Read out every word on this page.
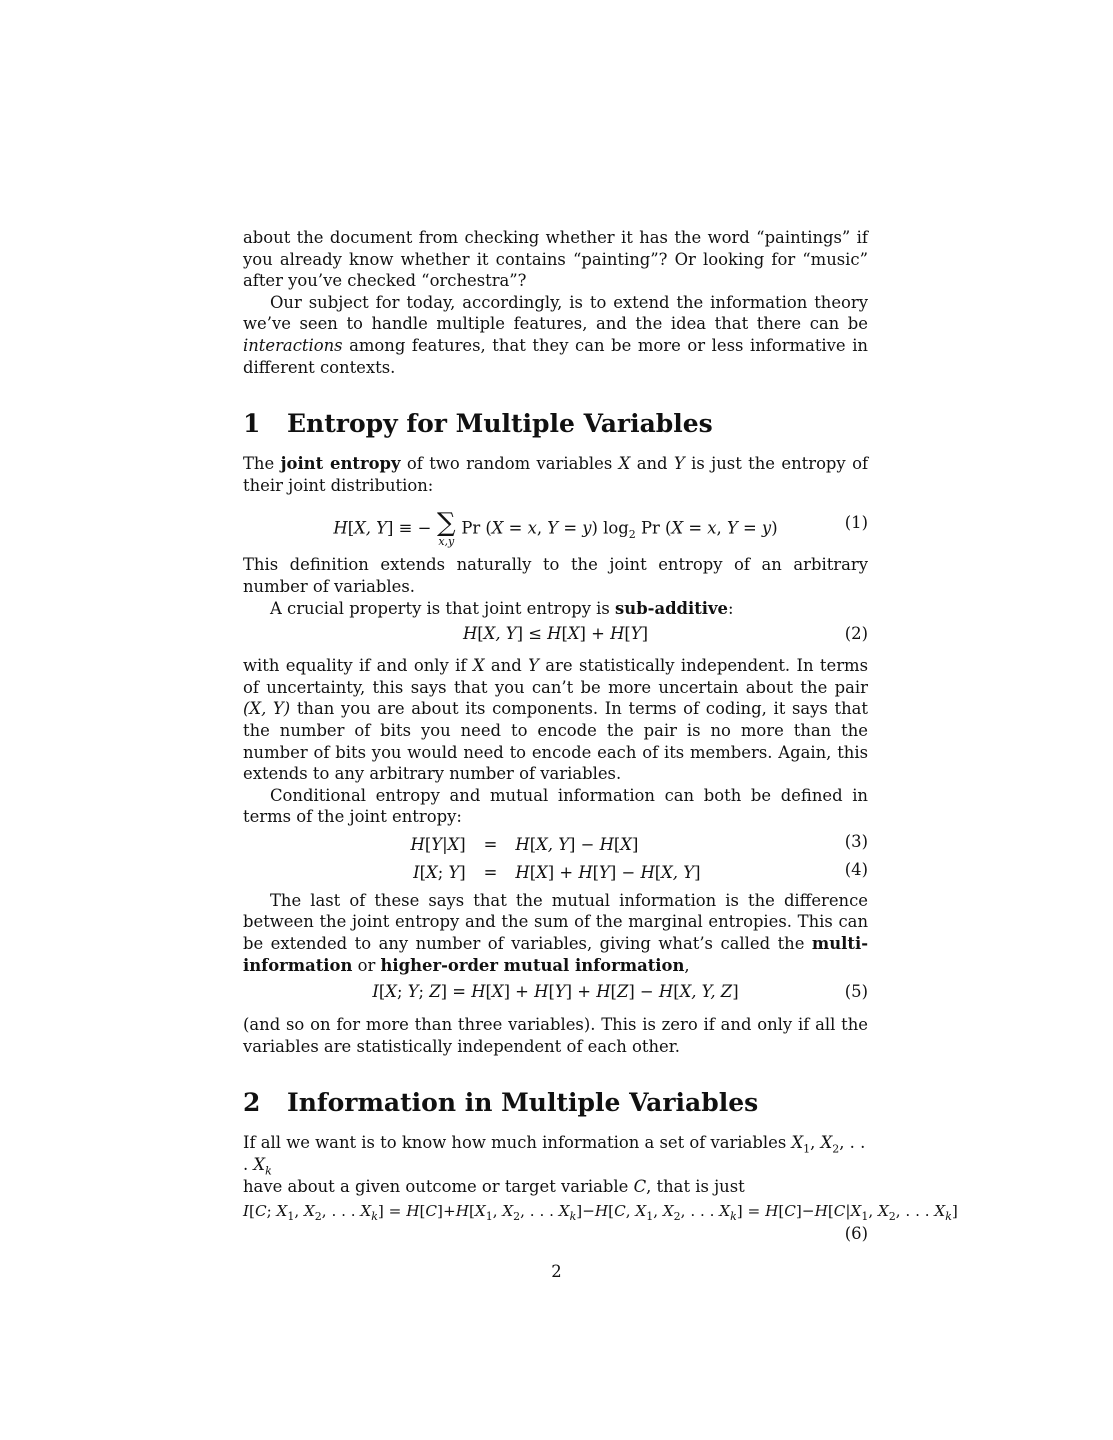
about the document from checking whether it has the word “paintings” if you already know whether it contains “painting”? Or looking for “music” after you’ve checked “orchestra”?

Our subject for today, accordingly, is to extend the information theory we’ve seen to handle multiple features, and the idea that there can be interactions among features, that they can be more or less informative in different contexts.

1 Entropy for Multiple Variables

The joint entropy of two random variables X and Y is just the entropy of their joint distribution:

H[X, Y] ≡ − ∑
x,y
Pr (X = x, Y = y) $\log_2 Pr$ (X = x, Y = y)	(1)

This definition extends naturally to the joint entropy of an arbitrary number of variables.

A crucial property is that joint entropy is sub-additive:

H[X, Y] ≤ H[X] + H[Y]	(2)

with equality if and only if X and Y are statistically independent. In terms of uncertainty, this says that you can’t be more uncertain about the pair (X, Y) than you are about its components. In terms of coding, it says that the number of bits you need to encode the pair is no more than the number of bits you would need to encode each of its members. Again, this extends to any arbitrary number of variables.

Conditional entropy and mutual information can both be defined in terms of the joint entropy:

H[Y|X]	=	H[X, Y] − H[X]
I[X; Y]	=	H[X] + H[Y] − H[X, Y]
(3)
(4)

The last of these says that the mutual information is the difference between the joint entropy and the sum of the marginal entropies. This can be extended to any number of variables, giving what’s called the multi-information or higher-order mutual information,

I[X; Y; Z] = H[X] + H[Y] + H[Z] − H[X, Y, Z]	(5)

(and so on for more than three variables). This is zero if and only if all the variables are statistically independent of each other.

2 Information in Multiple Variables

If all we want is to know how much information a set of variables $X_1$, $X_2$, . . . $X_k$
have about a given outcome or target variable C, that is just

I[C; $X_1$, $X_2$, . . . $X_k] = H[C]+H[X_1$, $X_2$, . . . $X_k]-H[C$, $X_1$, $X_2$, . . . $X_k] = H[C]-H[C|X_1$, $X_2$, . . . $X_k$]
(6)
2
